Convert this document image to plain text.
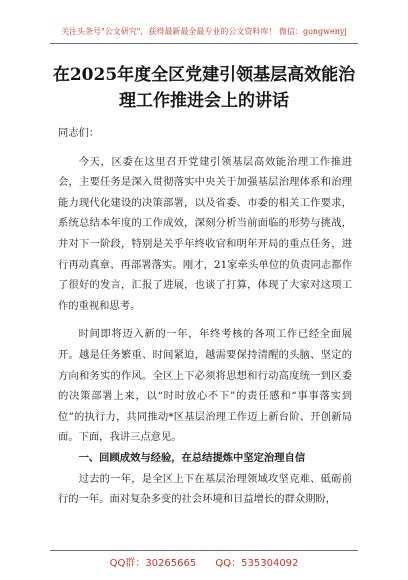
关注头条号"公文研究"，获得最新最全最专业的公文资料库！ 微信：gongwenyj
在2025年度全区党建引领基层高效能治
理工作推进会上的讲话

同志们：

今天，区委在这里召开党建引领基层高效能治理工作推进会，主要任务是深入贯彻落实中央关于加强基层治理体系和治理能力现代化建设的决策部署，以及省委、市委的相关工作要求，系统总结本年度的工作成效，深刻分析当前面临的形势与挑战，并对下一阶段，特别是关乎年终收官和明年开局的重点任务，进行再动真章、再部署落实。刚才，21家牵头单位的负责同志都作了很好的发言，汇报了进展，也谈了打算，体现了大家对这项工作的重视和思考。

时间即将迈入新的一年，年终考核的各项工作已经全面展开。越是任务繁重、时间紧迫，越需要保持清醒的头脑、坚定的方向和务实的作风。全区上下必须将思想和行动高度统一到区委的决策部署上来，以“时时放心不下”的责任感和“事事落实到位”的执行力，共同推动*区基层治理工作迈上新台阶、开创新局面。下面，我讲三点意见。

一、回顾成效与经验，在总结提炼中坚定治理自信

过去的一年，是全区上下在基层治理领域攻坚克难、砥砺前行的一年。面对复杂多变的社会环境和日益增长的群众期盼，

QQ群：30265665 QQ：535304092
